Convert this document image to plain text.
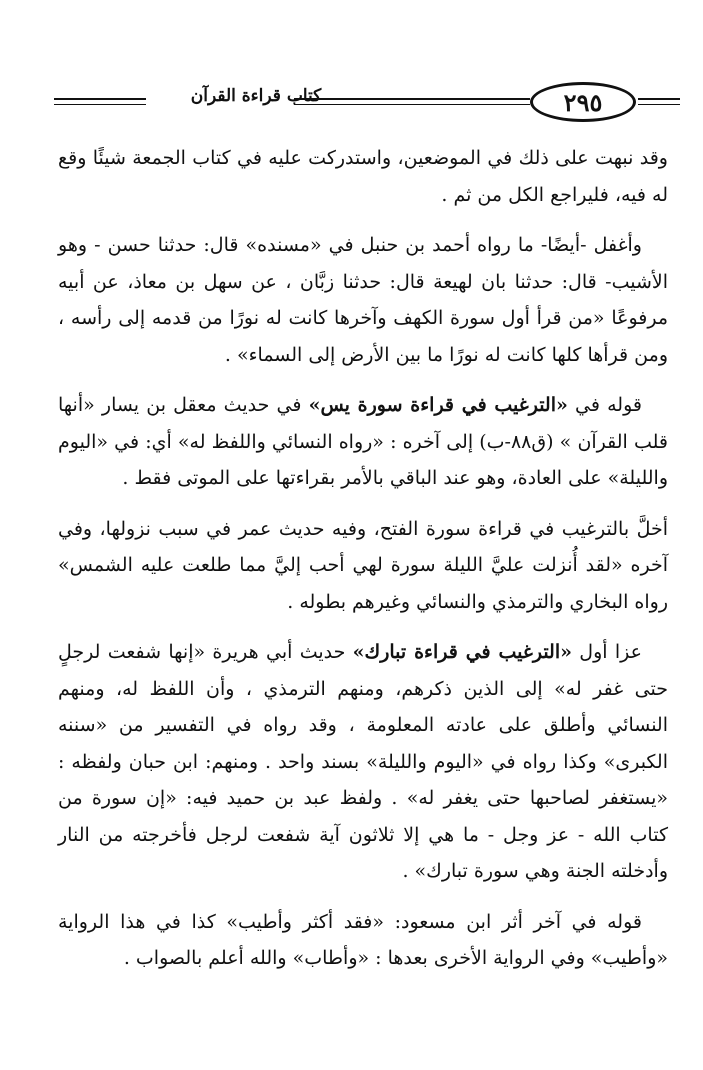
كتاب قراءة القرآن	٢٩٥

وقد نبهت على ذلك في الموضعين، واستدركت عليه في كتاب الجمعة شيئًا وقع له فيه، فليراجع الكل من ثم .

وأغفل -أيضًا- ما رواه أحمد بن حنبل في «مسنده» قال: حدثنا حسن - وهو الأشيب- قال: حدثنا بان لهيعة قال: حدثنا زبَّان ، عن سهل بن معاذ، عن أبيه مرفوعًا «من قرأ أول سورة الكهف وآخرها كانت له نورًا من قدمه إلى رأسه ، ومن قرأها كلها كانت له نورًا ما بين الأرض إلى السماء» .

قوله في «الترغيب في قراءة سورة يس» في حديث معقل بن يسار «أنها قلب القرآن » (ق٨٨-ب) إلى آخره : «رواه النسائي واللفظ له» أي: في «اليوم والليلة» على العادة، وهو عند الباقي بالأمر بقراءتها على الموتى فقط .

أخلَّ بالترغيب في قراءة سورة الفتح، وفيه حديث عمر في سبب نزولها، وفي آخره «لقد أُنزلت عليَّ الليلة سورة لهي أحب إليَّ مما طلعت عليه الشمس» رواه البخاري والترمذي والنسائي وغيرهم بطوله .

عزا أول «الترغيب في قراءة تبارك» حديث أبي هريرة «إنها شفعت لرجلٍ حتى غفر له» إلى الذين ذكرهم، ومنهم الترمذي ، وأن اللفظ له، ومنهم النسائي وأطلق على عادته المعلومة ، وقد رواه في التفسير من «سننه الكبرى» وكذا رواه في «اليوم والليلة» بسند واحد . ومنهم: ابن حبان ولفظه : «يستغفر لصاحبها حتى يغفر له» . ولفظ عبد بن حميد فيه: «إن سورة من كتاب الله - عز وجل - ما هي إلا ثلاثون آية شفعت لرجل فأخرجته من النار وأدخلته الجنة وهي سورة تبارك» .

قوله في آخر أثر ابن مسعود: «فقد أكثر وأطيب» كذا في هذا الرواية «وأطيب» وفي الرواية الأخرى بعدها : «وأطاب» والله أعلم بالصواب .
